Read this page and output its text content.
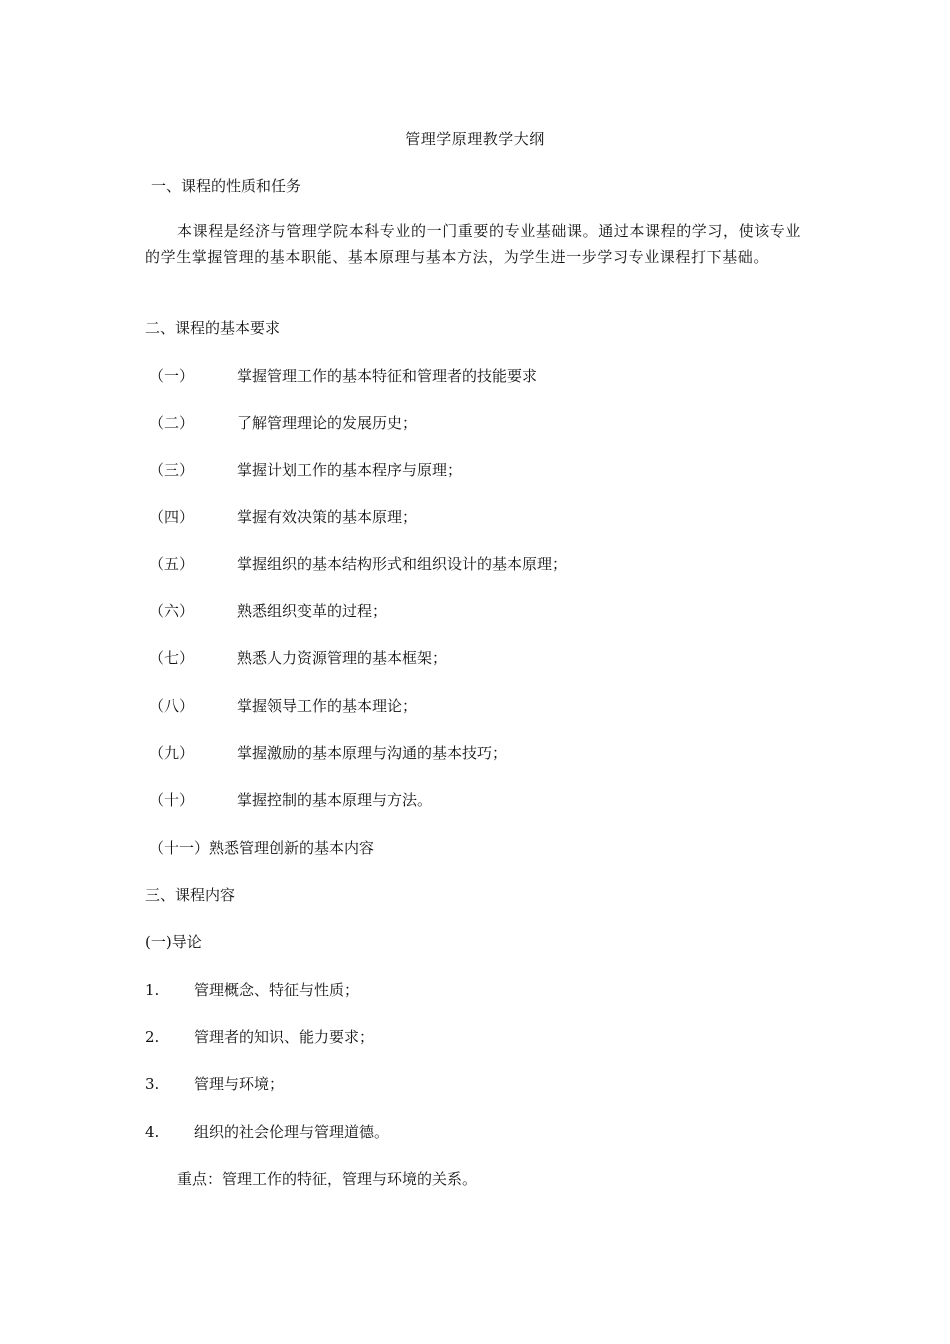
管理学原理教学大纲
一、课程的性质和任务
本课程是经济与管理学院本科专业的一门重要的专业基础课。通过本课程的学习，使该专业的学生掌握管理的基本职能、基本原理与基本方法，为学生进一步学习专业课程打下基础。
二、课程的基本要求
（一）	掌握管理工作的基本特征和管理者的技能要求
（二）	了解管理理论的发展历史；
（三）	掌握计划工作的基本程序与原理；
（四）	掌握有效决策的基本原理；
（五）	掌握组织的基本结构形式和组织设计的基本原理；
（六）	熟悉组织变革的过程；
（七）	熟悉人力资源管理的基本框架；
（八）	掌握领导工作的基本理论；
（九）	掌握激励的基本原理与沟通的基本技巧；
（十）	掌握控制的基本原理与方法。
（十一）熟悉管理创新的基本内容
三、课程内容
(一)导论
1. 管理概念、特征与性质；
2. 管理者的知识、能力要求；
3. 管理与环境；
4. 组织的社会伦理与管理道德。
重点：管理工作的特征，管理与环境的关系。
